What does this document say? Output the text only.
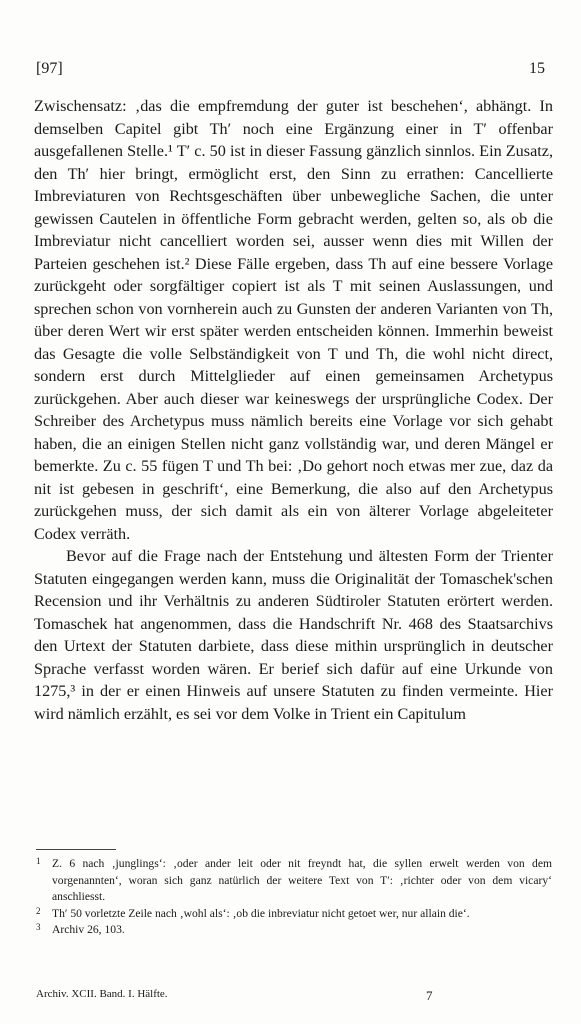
[97]	15

Zwischensatz: ‚das die empfremdung der guter ist beschehen‘, abhängt. In demselben Capitel gibt Th′ noch eine Ergänzung einer in T′ offenbar ausgefallenen Stelle.¹ T′ c. 50 ist in dieser Fassung gänzlich sinnlos. Ein Zusatz, den Th′ hier bringt, ermöglicht erst, den Sinn zu errathen: Cancellierte Imbreviaturen von Rechtsgeschäften über unbewegliche Sachen, die unter gewissen Cautelen in öffentliche Form gebracht werden, gelten so, als ob die Imbreviatur nicht cancelliert worden sei, ausser wenn dies mit Willen der Parteien geschehen ist.² Diese Fälle ergeben, dass Th auf eine bessere Vorlage zurückgeht oder sorgfältiger copiert ist als T mit seinen Auslassungen, und sprechen schon von vornherein auch zu Gunsten der anderen Varianten von Th, über deren Wert wir erst später werden entscheiden können. Immerhin beweist das Gesagte die volle Selbständigkeit von T und Th, die wohl nicht direct, sondern erst durch Mittelglieder auf einen gemeinsamen Archetypus zurückgehen. Aber auch dieser war keineswegs der ursprüngliche Codex. Der Schreiber des Archetypus muss nämlich bereits eine Vorlage vor sich gehabt haben, die an einigen Stellen nicht ganz vollständig war, und deren Mängel er bemerkte. Zu c. 55 fügen T und Th bei: ‚Do gehort noch etwas mer zue, daz da nit ist gebesen in geschrift‘, eine Bemerkung, die also auf den Archetypus zurückgehen muss, der sich damit als ein von älterer Vorlage abgeleiteter Codex verräth.

Bevor auf die Frage nach der Entstehung und ältesten Form der Trienter Statuten eingegangen werden kann, muss die Originalität der Tomaschek'schen Recension und ihr Verhältnis zu anderen Südtiroler Statuten erörtert werden. Tomaschek hat angenommen, dass die Handschrift Nr. 468 des Staatsarchivs den Urtext der Statuten darbiete, dass diese mithin ursprünglich in deutscher Sprache verfasst worden wären. Er berief sich dafür auf eine Urkunde von 1275,³ in der er einen Hinweis auf unsere Statuten zu finden vermeinte. Hier wird nämlich erzählt, es sei vor dem Volke in Trient ein Capitulum

1 Z. 6 nach ‚junglings‘: ‚oder ander leit oder nit freyndt hat, die syllen erwelt werden von dem vorgenannten‘, woran sich ganz natürlich der weitere Text von T′: ‚richter oder von dem vicary‘ anschliesst.

2 Th′ 50 vorletzte Zeile nach ‚wohl als‘: ‚ob die inbreviatur nicht getoet wer, nur allain die‘.

3 Archiv 26, 103.

Archiv. XCII. Band. I. Hälfte.	7
